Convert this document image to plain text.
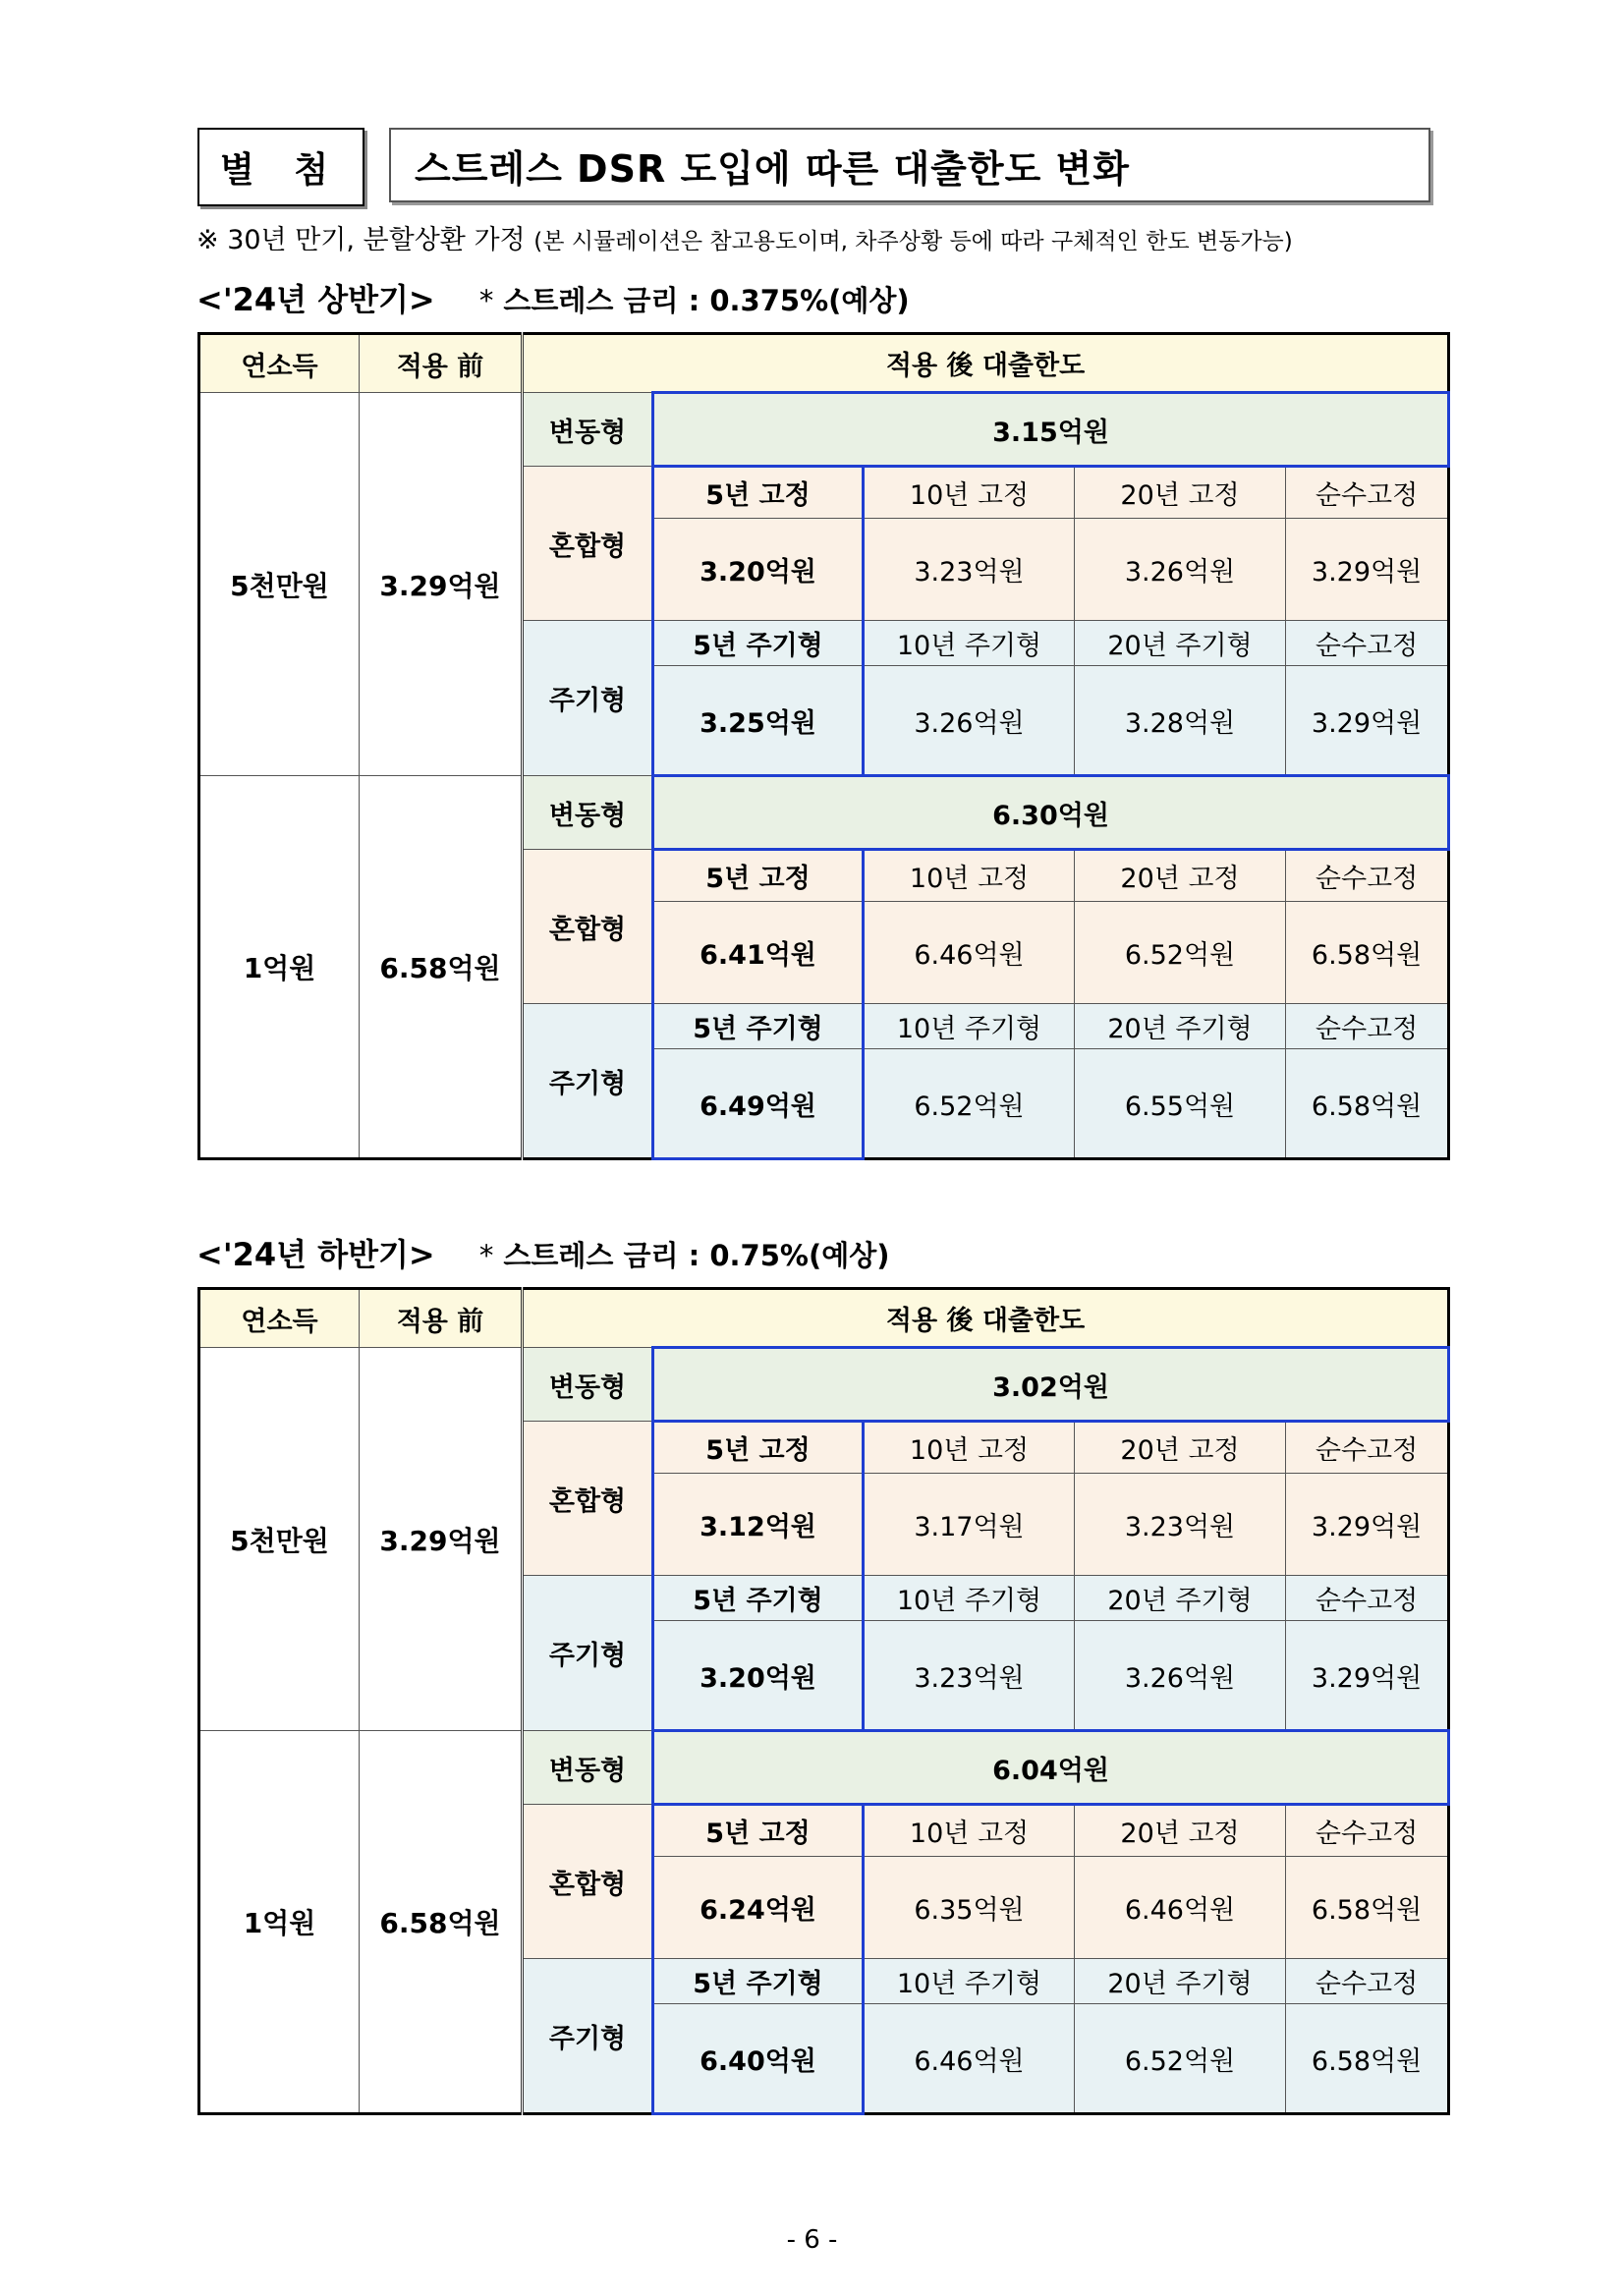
별 첨	스트레스 DSR 도입에 따른 대출한도 변화
※ 30년 만기, 분할상환 가정 (본 시뮬레이션은 참고용도이며, 차주상황 등에 따라 구체적인 한도 변동가능)
<'24년 상반기> * 스트레스 금리 : 0.375%(예상)
연소득	적용 前	적용 後 대출한도				
5천만원	3.29억원	변동형	3.15억원			
		혼합형	5년 고정	10년 고정	20년 고정	순수고정
			3.20억원	3.23억원	3.26억원	3.29억원
		주기형	5년 주기형	10년 주기형	20년 주기형	순수고정
			3.25억원	3.26억원	3.28억원	3.29억원
1억원	6.58억원	변동형	6.30억원			
		혼합형	5년 고정	10년 고정	20년 고정	순수고정
			6.41억원	6.46억원	6.52억원	6.58억원
		주기형	5년 주기형	10년 주기형	20년 주기형	순수고정
			6.49억원	6.52억원	6.55억원	6.58억원
<'24년 하반기> * 스트레스 금리 : 0.75%(예상)
연소득	적용 前	적용 後 대출한도				
5천만원	3.29억원	변동형	3.02억원			
		혼합형	5년 고정	10년 고정	20년 고정	순수고정
			3.12억원	3.17억원	3.23억원	3.29억원
		주기형	5년 주기형	10년 주기형	20년 주기형	순수고정
			3.20억원	3.23억원	3.26억원	3.29억원
1억원	6.58억원	변동형	6.04억원			
		혼합형	5년 고정	10년 고정	20년 고정	순수고정
			6.24억원	6.35억원	6.46억원	6.58억원
		주기형	5년 주기형	10년 주기형	20년 주기형	순수고정
			6.40억원	6.46억원	6.52억원	6.58억원
- 6 -
